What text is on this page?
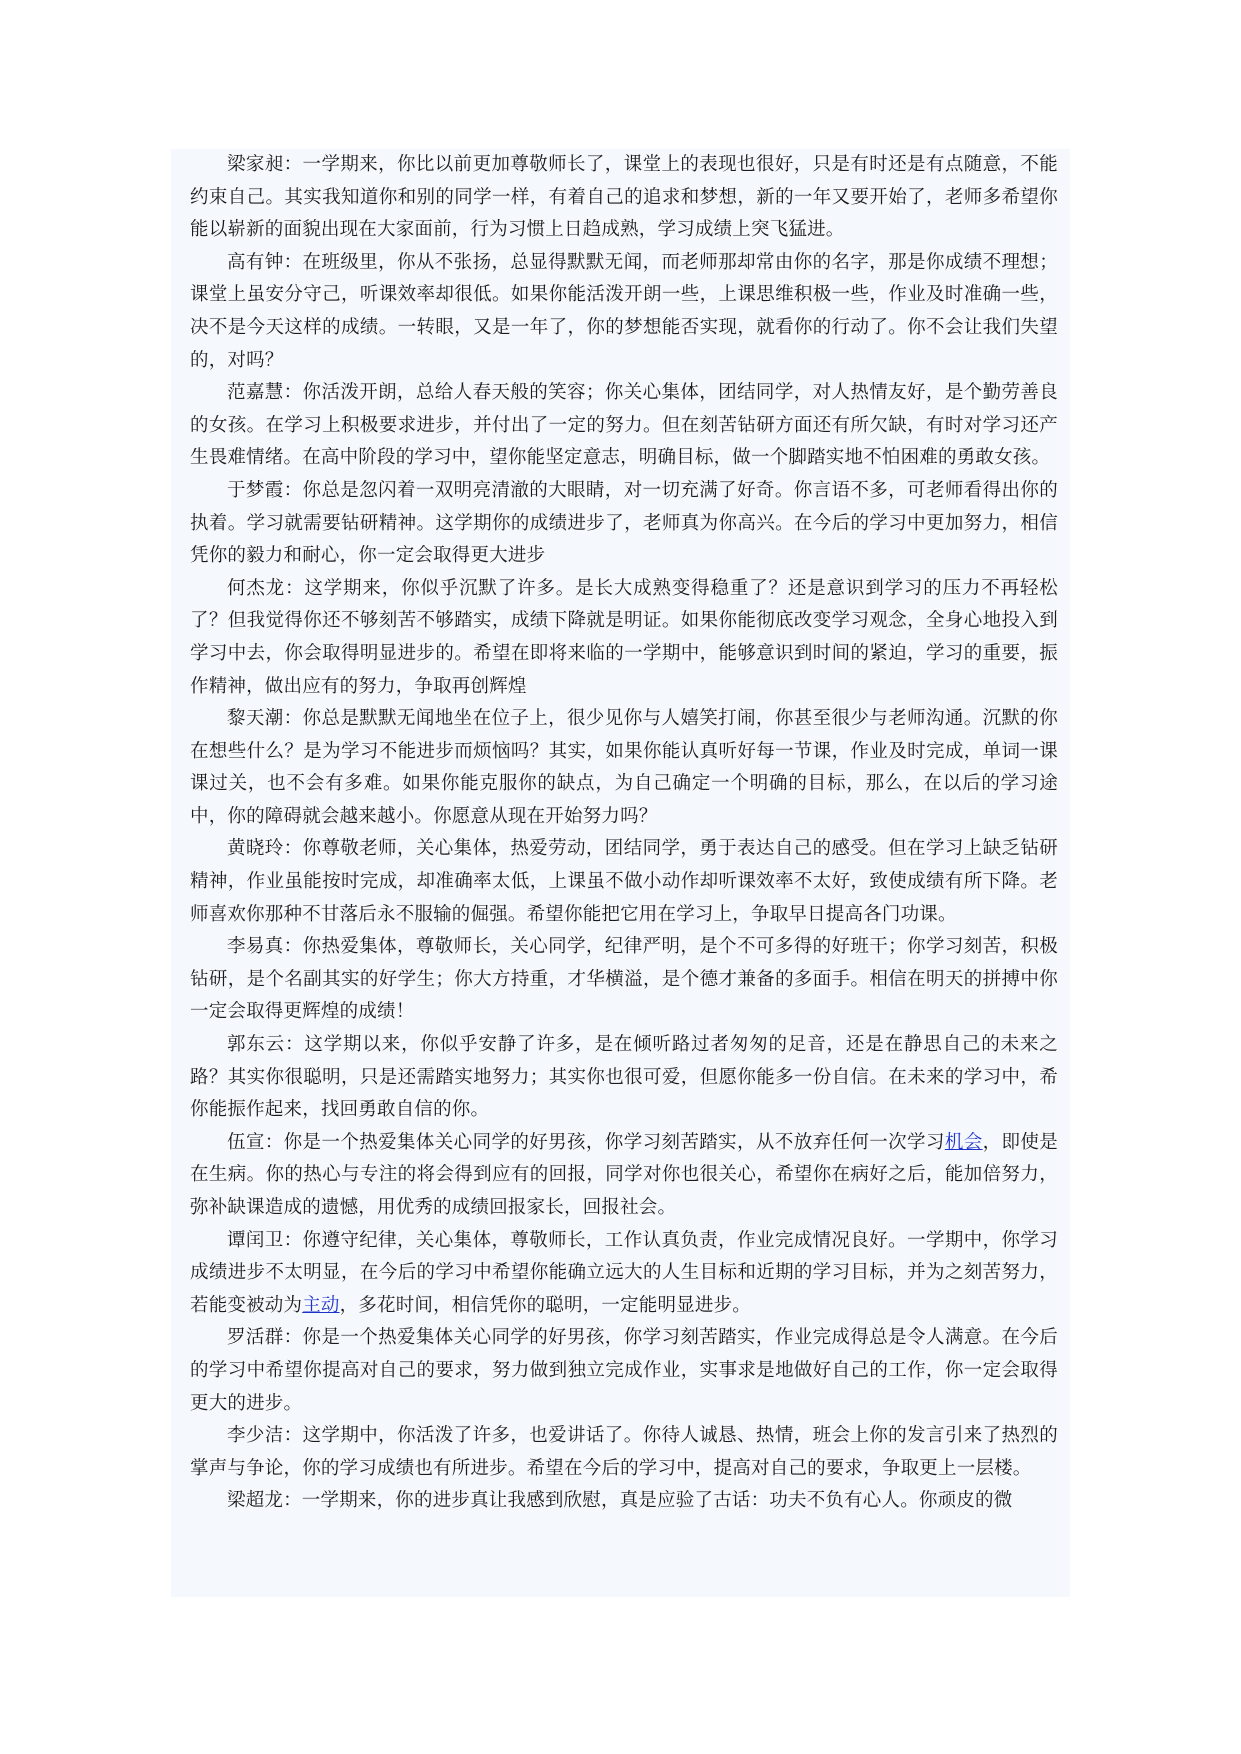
梁家昶：一学期来，你比以前更加尊敬师长了，课堂上的表现也很好，只是有时还是有点随意，不能约束自己。其实我知道你和别的同学一样，有着自己的追求和梦想，新的一年又要开始了，老师多希望你能以崭新的面貌出现在大家面前，行为习惯上日趋成熟，学习成绩上突飞猛进。

高有钟：在班级里，你从不张扬，总显得默默无闻，而老师那却常由你的名字，那是你成绩不理想；课堂上虽安分守己，听课效率却很低。如果你能活泼开朗一些，上课思维积极一些，作业及时准确一些，决不是今天这样的成绩。一转眼，又是一年了，你的梦想能否实现，就看你的行动了。你不会让我们失望的，对吗？

范嘉慧：你活泼开朗，总给人春天般的笑容；你关心集体，团结同学，对人热情友好，是个勤劳善良的女孩。在学习上积极要求进步，并付出了一定的努力。但在刻苦钻研方面还有所欠缺，有时对学习还产生畏难情绪。在高中阶段的学习中，望你能坚定意志，明确目标，做一个脚踏实地不怕困难的勇敢女孩。

于梦霞：你总是忽闪着一双明亮清澈的大眼睛，对一切充满了好奇。你言语不多，可老师看得出你的执着。学习就需要钻研精神。这学期你的成绩进步了，老师真为你高兴。在今后的学习中更加努力，相信凭你的毅力和耐心，你一定会取得更大进步

何杰龙：这学期来，你似乎沉默了许多。是长大成熟变得稳重了？还是意识到学习的压力不再轻松了？但我觉得你还不够刻苦不够踏实，成绩下降就是明证。如果你能彻底改变学习观念，全身心地投入到学习中去，你会取得明显进步的。希望在即将来临的一学期中，能够意识到时间的紧迫，学习的重要，振作精神，做出应有的努力，争取再创辉煌

黎天潮：你总是默默无闻地坐在位子上，很少见你与人嬉笑打闹，你甚至很少与老师沟通。沉默的你在想些什么？是为学习不能进步而烦恼吗？其实，如果你能认真听好每一节课，作业及时完成，单词一课课过关，也不会有多难。如果你能克服你的缺点，为自己确定一个明确的目标，那么，在以后的学习途中，你的障碍就会越来越小。你愿意从现在开始努力吗？

黄晓玲：你尊敬老师，关心集体，热爱劳动，团结同学，勇于表达自己的感受。但在学习上缺乏钻研精神，作业虽能按时完成，却准确率太低，上课虽不做小动作却听课效率不太好，致使成绩有所下降。老师喜欢你那种不甘落后永不服输的倔强。希望你能把它用在学习上，争取早日提高各门功课。

李易真：你热爱集体，尊敬师长，关心同学，纪律严明，是个不可多得的好班干；你学习刻苦，积极钻研，是个名副其实的好学生；你大方持重，才华横溢，是个德才兼备的多面手。相信在明天的拼搏中你一定会取得更辉煌的成绩！

郭东云：这学期以来，你似乎安静了许多，是在倾听路过者匆匆的足音，还是在静思自己的未来之路？其实你很聪明，只是还需踏实地努力；其实你也很可爱，但愿你能多一份自信。在未来的学习中，希你能振作起来，找回勇敢自信的你。

伍宣：你是一个热爱集体关心同学的好男孩，你学习刻苦踏实，从不放弃任何一次学习机会，即使是在生病。你的热心与专注的将会得到应有的回报，同学对你也很关心，希望你在病好之后，能加倍努力，弥补缺课造成的遗憾，用优秀的成绩回报家长，回报社会。

谭闰卫：你遵守纪律，关心集体，尊敬师长，工作认真负责，作业完成情况良好。一学期中，你学习成绩进步不太明显，在今后的学习中希望你能确立远大的人生目标和近期的学习目标，并为之刻苦努力，若能变被动为主动，多花时间，相信凭你的聪明，一定能明显进步。

罗活群：你是一个热爱集体关心同学的好男孩，你学习刻苦踏实，作业完成得总是令人满意。在今后的学习中希望你提高对自己的要求，努力做到独立完成作业，实事求是地做好自己的工作，你一定会取得更大的进步。

李少洁：这学期中，你活泼了许多，也爱讲话了。你待人诚恳、热情，班会上你的发言引来了热烈的掌声与争论，你的学习成绩也有所进步。希望在今后的学习中，提高对自己的要求，争取更上一层楼。

梁超龙：一学期来，你的进步真让我感到欣慰，真是应验了古话：功夫不负有心人。你顽皮的微
